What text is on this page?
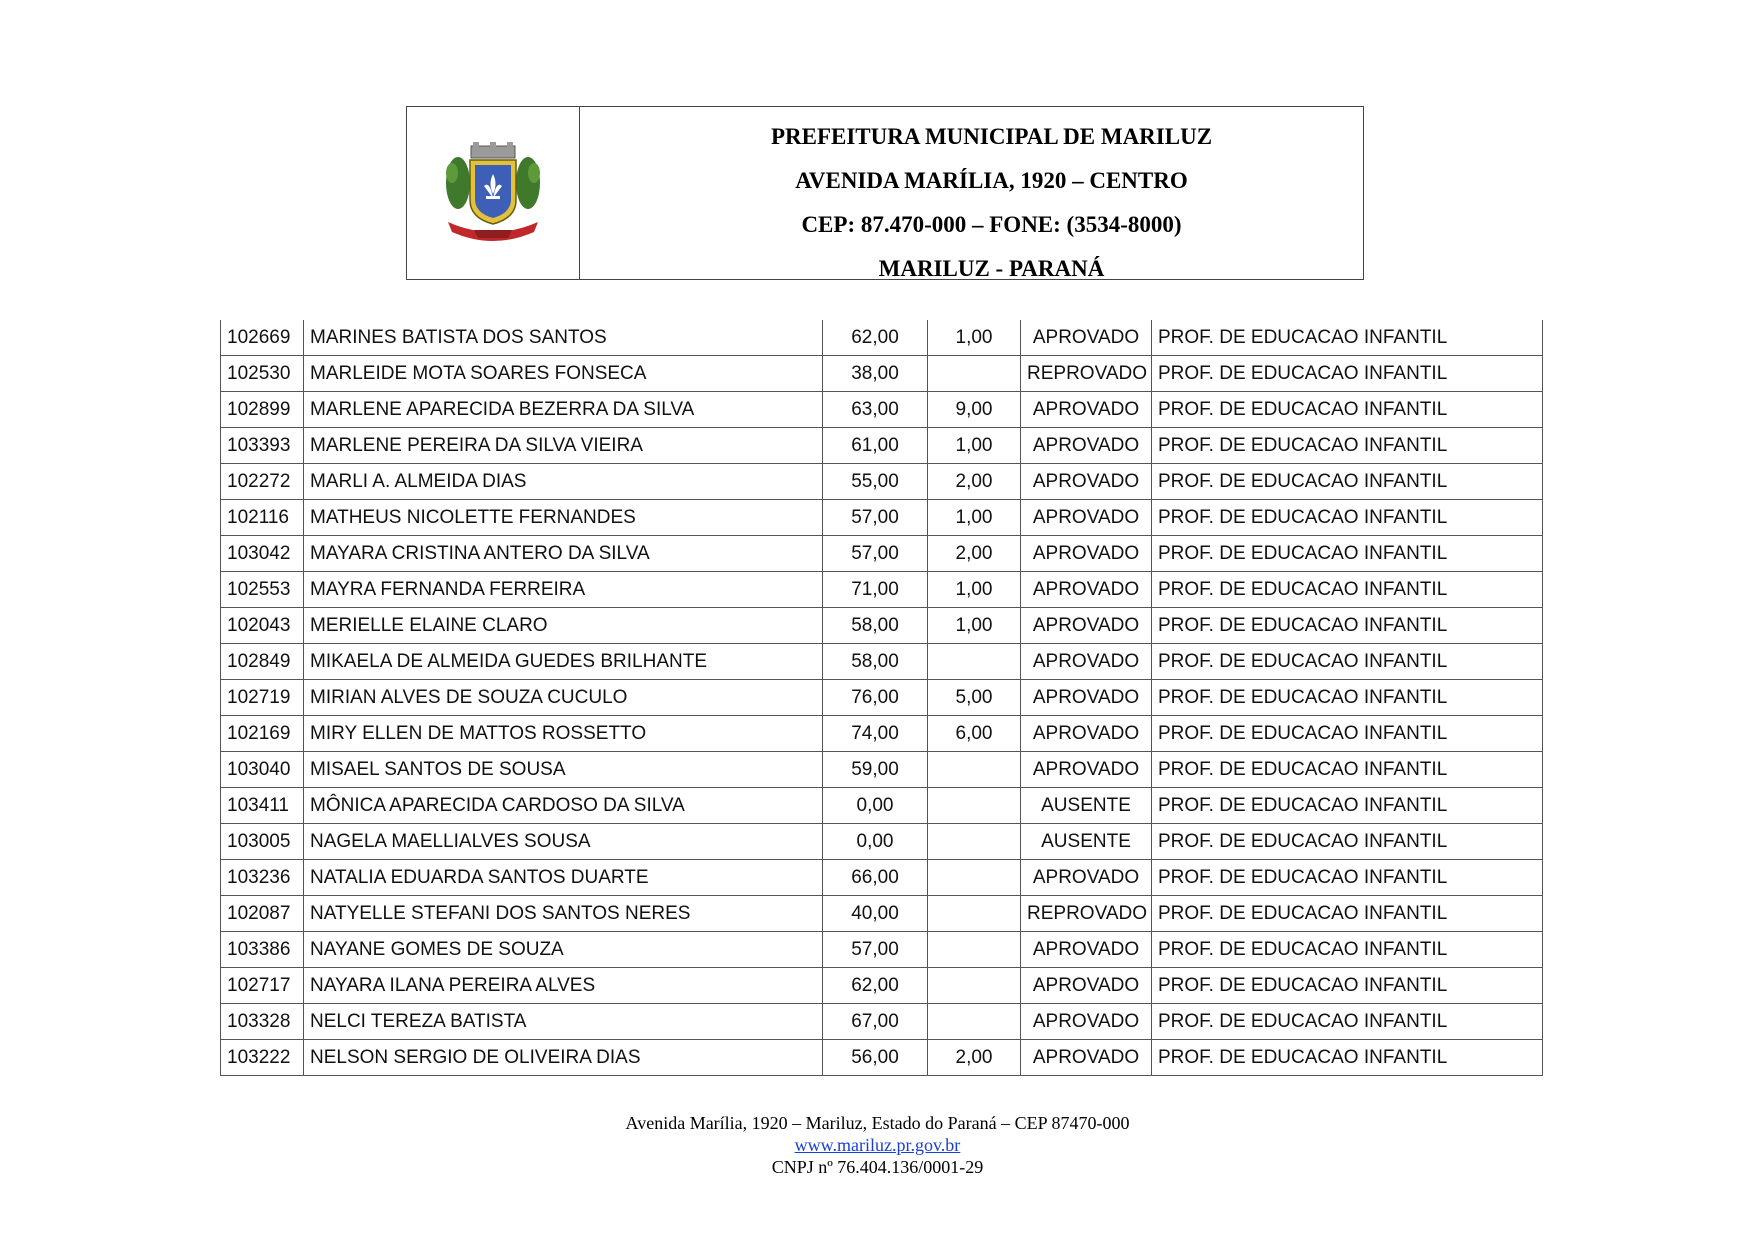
PREFEITURA MUNICIPAL DE MARILUZ
AVENIDA MARÍLIA, 1920 – CENTRO
CEP: 87.470-000 – FONE: (3534-8000)
MARILUZ - PARANÁ
102669	MARINES BATISTA DOS SANTOS	62,00	1,00	APROVADO	PROF. DE EDUCACAO INFANTIL
102530	MARLEIDE MOTA SOARES FONSECA	38,00		REPROVADO	PROF. DE EDUCACAO INFANTIL
102899	MARLENE APARECIDA BEZERRA DA SILVA	63,00	9,00	APROVADO	PROF. DE EDUCACAO INFANTIL
103393	MARLENE PEREIRA DA SILVA VIEIRA	61,00	1,00	APROVADO	PROF. DE EDUCACAO INFANTIL
102272	MARLI A. ALMEIDA DIAS	55,00	2,00	APROVADO	PROF. DE EDUCACAO INFANTIL
102116	MATHEUS NICOLETTE FERNANDES	57,00	1,00	APROVADO	PROF. DE EDUCACAO INFANTIL
103042	MAYARA CRISTINA ANTERO DA SILVA	57,00	2,00	APROVADO	PROF. DE EDUCACAO INFANTIL
102553	MAYRA FERNANDA FERREIRA	71,00	1,00	APROVADO	PROF. DE EDUCACAO INFANTIL
102043	MERIELLE ELAINE CLARO	58,00	1,00	APROVADO	PROF. DE EDUCACAO INFANTIL
102849	MIKAELA DE ALMEIDA GUEDES BRILHANTE	58,00		APROVADO	PROF. DE EDUCACAO INFANTIL
102719	MIRIAN ALVES DE SOUZA CUCULO	76,00	5,00	APROVADO	PROF. DE EDUCACAO INFANTIL
102169	MIRY ELLEN DE MATTOS ROSSETTO	74,00	6,00	APROVADO	PROF. DE EDUCACAO INFANTIL
103040	MISAEL SANTOS DE SOUSA	59,00		APROVADO	PROF. DE EDUCACAO INFANTIL
103411	MÔNICA APARECIDA CARDOSO DA SILVA	0,00		AUSENTE	PROF. DE EDUCACAO INFANTIL
103005	NAGELA MAELLIALVES SOUSA	0,00		AUSENTE	PROF. DE EDUCACAO INFANTIL
103236	NATALIA EDUARDA SANTOS DUARTE	66,00		APROVADO	PROF. DE EDUCACAO INFANTIL
102087	NATYELLE STEFANI DOS SANTOS NERES	40,00		REPROVADO	PROF. DE EDUCACAO INFANTIL
103386	NAYANE GOMES DE SOUZA	57,00		APROVADO	PROF. DE EDUCACAO INFANTIL
102717	NAYARA ILANA PEREIRA ALVES	62,00		APROVADO	PROF. DE EDUCACAO INFANTIL
103328	NELCI TEREZA BATISTA	67,00		APROVADO	PROF. DE EDUCACAO INFANTIL
103222	NELSON SERGIO DE OLIVEIRA DIAS	56,00	2,00	APROVADO	PROF. DE EDUCACAO INFANTIL
Avenida Marília, 1920 – Mariluz, Estado do Paraná – CEP 87470-000
www.mariluz.pr.gov.br
CNPJ nº 76.404.136/0001-29
